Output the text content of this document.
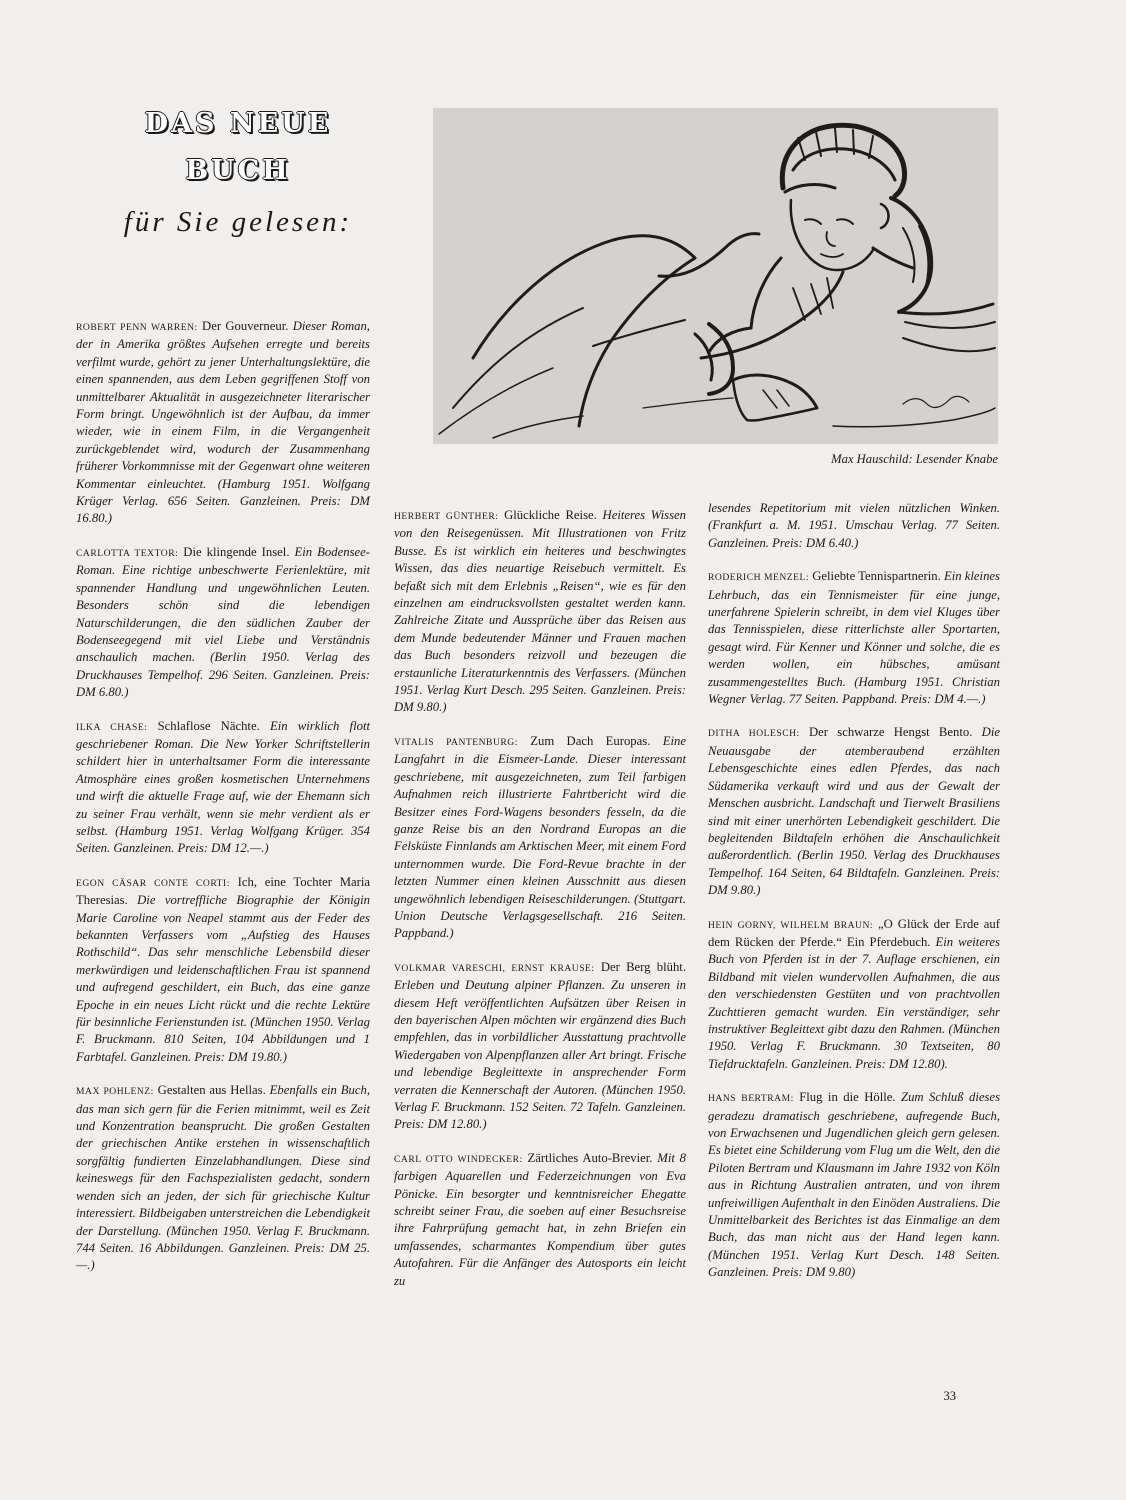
DAS NEUE
BUCH
für Sie gelesen:

Max Hauschild: Lesender Knabe

ROBERT PENN WARREN: Der Gouverneur. Dieser Roman, der in Amerika größtes Aufsehen erregte und bereits verfilmt wurde, gehört zu jener Unterhaltungslektüre, die einen spannenden, aus dem Leben gegriffenen Stoff von unmittelbarer Aktualität in ausgezeichneter literarischer Form bringt. Ungewöhnlich ist der Aufbau, da immer wieder, wie in einem Film, in die Vergangenheit zurückgeblendet wird, wodurch der Zusammenhang früherer Vorkommnisse mit der Gegenwart ohne weiteren Kommentar einleuchtet. (Hamburg 1951. Wolfgang Krüger Verlag. 656 Seiten. Ganzleinen. Preis: DM 16.80.)

CARLOTTA TEXTOR: Die klingende Insel. Ein Bodensee-Roman. Eine richtige unbeschwerte Ferienlektüre, mit spannender Handlung und ungewöhnlichen Leuten. Besonders schön sind die lebendigen Naturschilderungen, die den südlichen Zauber der Bodenseegegend mit viel Liebe und Verständnis anschaulich machen. (Berlin 1950. Verlag des Druckhauses Tempelhof. 296 Seiten. Ganzleinen. Preis: DM 6.80.)

ILKA CHASE: Schlaflose Nächte. Ein wirklich flott geschriebener Roman. Die New Yorker Schriftstellerin schildert hier in unterhaltsamer Form die interessante Atmosphäre eines großen kosmetischen Unternehmens und wirft die aktuelle Frage auf, wie der Ehemann sich zu seiner Frau verhält, wenn sie mehr verdient als er selbst. (Hamburg 1951. Verlag Wolfgang Krüger. 354 Seiten. Ganzleinen. Preis: DM 12.—.)

EGON CÄSAR CONTE CORTI: Ich, eine Tochter Maria Theresias. Die vortreffliche Biographie der Königin Marie Caroline von Neapel stammt aus der Feder des bekannten Verfassers vom „Aufstieg des Hauses Rothschild“. Das sehr menschliche Lebensbild dieser merkwürdigen und leidenschaftlichen Frau ist spannend und aufregend geschildert, ein Buch, das eine ganze Epoche in ein neues Licht rückt und die rechte Lektüre für besinnliche Ferienstunden ist. (München 1950. Verlag F. Bruckmann. 810 Seiten, 104 Abbildungen und 1 Farbtafel. Ganzleinen. Preis: DM 19.80.)

MAX POHLENZ: Gestalten aus Hellas. Ebenfalls ein Buch, das man sich gern für die Ferien mitnimmt, weil es Zeit und Konzentration beansprucht. Die großen Gestalten der griechischen Antike erstehen in wissenschaftlich sorgfältig fundierten Einzelabhandlungen. Diese sind keineswegs für den Fachspezialisten gedacht, sondern wenden sich an jeden, der sich für griechische Kultur interessiert. Bildbeigaben unterstreichen die Lebendigkeit der Darstellung. (München 1950. Verlag F. Bruckmann. 744 Seiten. 16 Abbildungen. Ganzleinen. Preis: DM 25.—.)

HERBERT GÜNTHER: Glückliche Reise. Heiteres Wissen von den Reisegenüssen. Mit Illustrationen von Fritz Busse. Es ist wirklich ein heiteres und beschwingtes Wissen, das dies neuartige Reisebuch vermittelt. Es befaßt sich mit dem Erlebnis „Reisen“, wie es für den einzelnen am eindrucksvollsten gestaltet werden kann. Zahlreiche Zitate und Aussprüche über das Reisen aus dem Munde bedeutender Männer und Frauen machen das Buch besonders reizvoll und bezeugen die erstaunliche Literaturkenntnis des Verfassers. (München 1951. Verlag Kurt Desch. 295 Seiten. Ganzleinen. Preis: DM 9.80.)

VITALIS PANTENBURG: Zum Dach Europas. Eine Langfahrt in die Eismeer-Lande. Dieser interessant geschriebene, mit ausgezeichneten, zum Teil farbigen Aufnahmen reich illustrierte Fahrtbericht wird die Besitzer eines Ford-Wagens besonders fesseln, da die ganze Reise bis an den Nordrand Europas an die Felsküste Finnlands am Arktischen Meer, mit einem Ford unternommen wurde. Die Ford-Revue brachte in der letzten Nummer einen kleinen Ausschnitt aus diesen ungewöhnlich lebendigen Reiseschilderungen. (Stuttgart. Union Deutsche Verlagsgesellschaft. 216 Seiten. Pappband.)

VOLKMAR VARESCHI, ERNST KRAUSE: Der Berg blüht. Erleben und Deutung alpiner Pflanzen. Zu unseren in diesem Heft veröffentlichten Aufsätzen über Reisen in den bayerischen Alpen möchten wir ergänzend dies Buch empfehlen, das in vorbildlicher Ausstattung prachtvolle Wiedergaben von Alpenpflanzen aller Art bringt. Frische und lebendige Begleittexte in ansprechender Form verraten die Kennerschaft der Autoren. (München 1950. Verlag F. Bruckmann. 152 Seiten. 72 Tafeln. Ganzleinen. Preis: DM 12.80.)

CARL OTTO WINDECKER: Zärtliches Auto-Brevier. Mit 8 farbigen Aquarellen und Federzeichnungen von Eva Pönicke. Ein besorgter und kenntnisreicher Ehegatte schreibt seiner Frau, die soeben auf einer Besuchsreise ihre Fahrprüfung gemacht hat, in zehn Briefen ein umfassendes, scharmantes Kompendium über gutes Autofahren. Für die Anfänger des Autosports ein leicht zu

lesendes Repetitorium mit vielen nützlichen Winken. (Frankfurt a. M. 1951. Umschau Verlag. 77 Seiten. Ganzleinen. Preis: DM 6.40.)

RODERICH MENZEL: Geliebte Tennispartnerin. Ein kleines Lehrbuch, das ein Tennismeister für eine junge, unerfahrene Spielerin schreibt, in dem viel Kluges über das Tennisspielen, diese ritterlichste aller Sportarten, gesagt wird. Für Kenner und Könner und solche, die es werden wollen, ein hübsches, amüsant zusammengestelltes Buch. (Hamburg 1951. Christian Wegner Verlag. 77 Seiten. Pappband. Preis: DM 4.—.)

DITHA HOLESCH: Der schwarze Hengst Bento. Die Neuausgabe der atemberaubend erzählten Lebensgeschichte eines edlen Pferdes, das nach Südamerika verkauft wird und aus der Gewalt der Menschen ausbricht. Landschaft und Tierwelt Brasiliens sind mit einer unerhörten Lebendigkeit geschildert. Die begleitenden Bildtafeln erhöhen die Anschaulichkeit außerordentlich. (Berlin 1950. Verlag des Druckhauses Tempelhof. 164 Seiten, 64 Bildtafeln. Ganzleinen. Preis: DM 9.80.)

HEIN GORNY, WILHELM BRAUN: „O Glück der Erde auf dem Rücken der Pferde.“ Ein Pferdebuch. Ein weiteres Buch von Pferden ist in der 7. Auflage erschienen, ein Bildband mit vielen wundervollen Aufnahmen, die aus den verschiedensten Gestüten und von prachtvollen Zuchttieren gemacht wurden. Ein verständiger, sehr instruktiver Begleittext gibt dazu den Rahmen. (München 1950. Verlag F. Bruckmann. 30 Textseiten, 80 Tiefdrucktafeln. Ganzleinen. Preis: DM 12.80).

HANS BERTRAM: Flug in die Hölle. Zum Schluß dieses geradezu dramatisch geschriebene, aufregende Buch, von Erwachsenen und Jugendlichen gleich gern gelesen. Es bietet eine Schilderung vom Flug um die Welt, den die Piloten Bertram und Klausmann im Jahre 1932 von Köln aus in Richtung Australien antraten, und von ihrem unfreiwilligen Aufenthalt in den Einöden Australiens. Die Unmittelbarkeit des Berichtes ist das Einmalige an dem Buch, das man nicht aus der Hand legen kann. (München 1951. Verlag Kurt Desch. 148 Seiten. Ganzleinen. Preis: DM 9.80)

33
